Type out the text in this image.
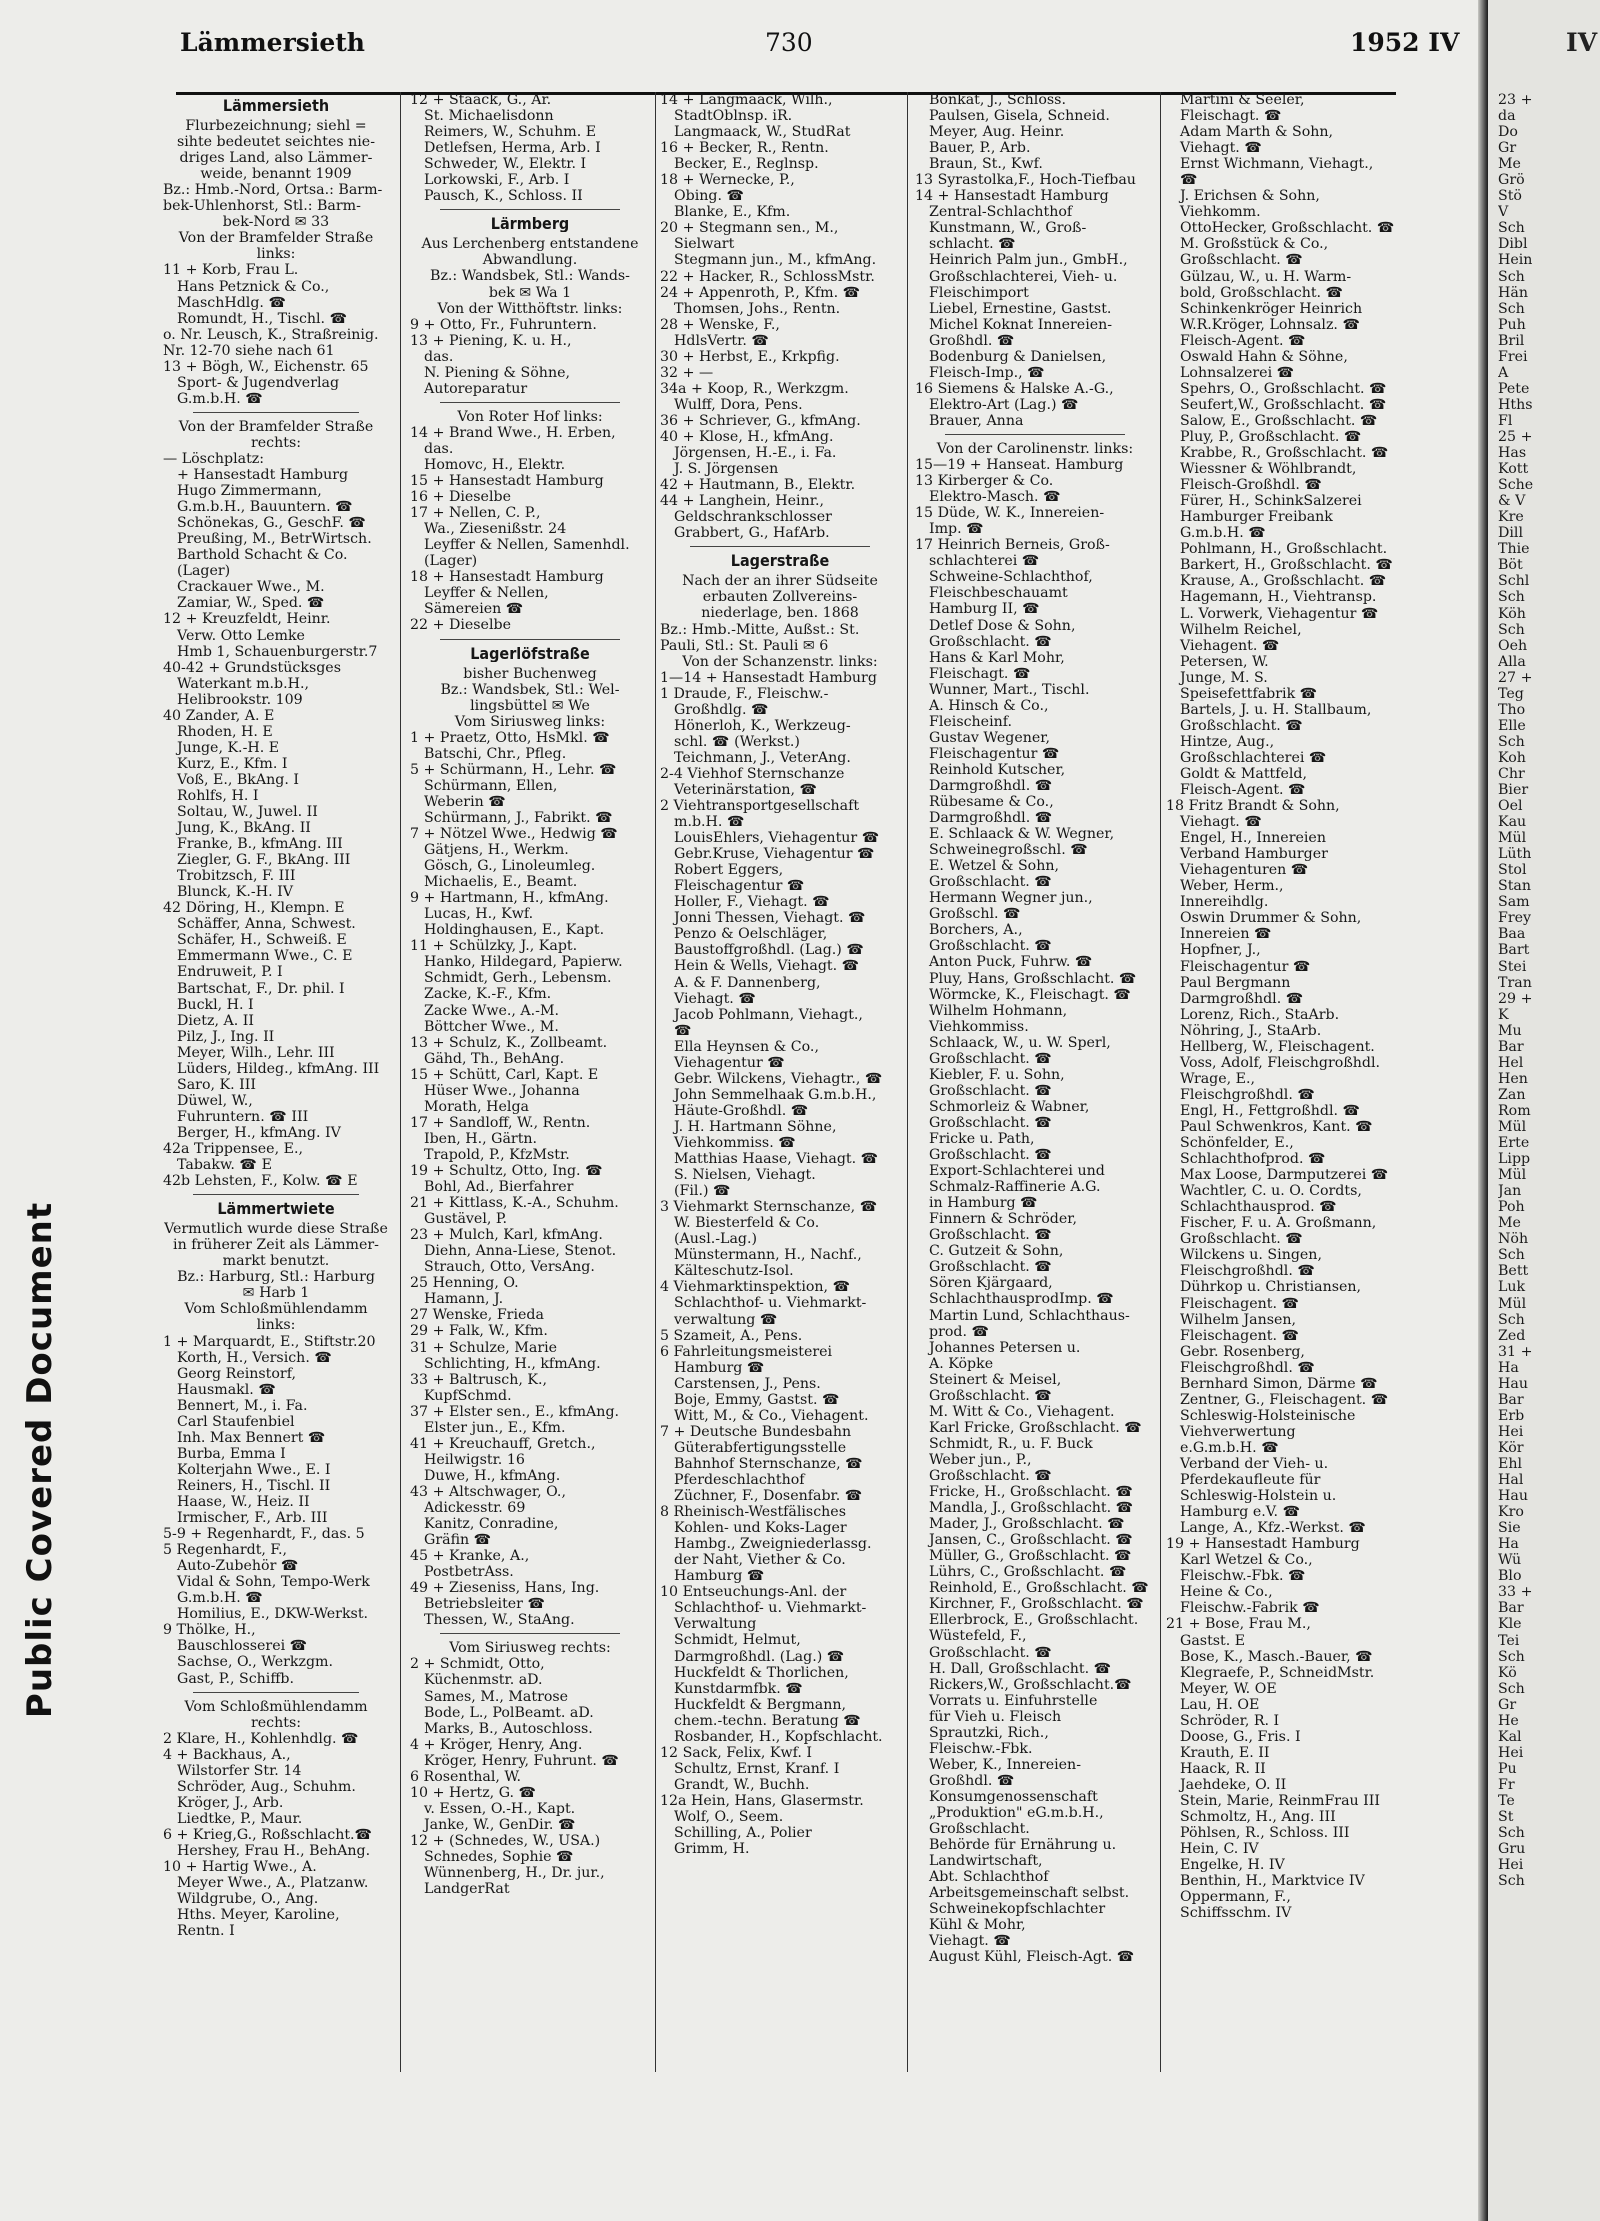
Lämmersieth	730	1952 IV
Lämmersieth
Flurbezeichnung; siehl =
sihte bedeutet seichtes nie-
driges Land, also Lämmer-
weide, benannt 1909
Bz.: Hmb.-Nord, Ortsa.: Barm-
bek-Uhlenhorst, Stl.: Barm-
bek-Nord ✉ 33
Von der Bramfelder Straße
links:
11 + Korb, Frau L.
Hans Petznick & Co.,
MaschHdlg. ☎
Romundt, H., Tischl. ☎
o. Nr. Leusch, K., Straßreinig.
Nr. 12-70 siehe nach 61
13 + Bögh, W., Eichenstr. 65
Sport- & Jugendverlag
G.m.b.H. ☎
Von der Bramfelder Straße
rechts:
— Löschplatz:
+ Hansestadt Hamburg
Hugo Zimmermann,
G.m.b.H., Bauuntern. ☎
Schönekas, G., GeschF. ☎
Preußing, M., BetrWirtsch.
Barthold Schacht & Co.
(Lager)
Crackauer Wwe., M.
Zamiar, W., Sped. ☎
12 + Kreuzfeldt, Heinr.
Verw. Otto Lemke
Hmb 1, Schauenburgerstr.7
40-42 + Grundstücksges
Waterkant m.b.H.,
Helibrookstr. 109
40 Zander, A. E
Rhoden, H. E
Junge, K.-H. E
Kurz, E., Kfm. I
Voß, E., BkAng. I
Rohlfs, H. I
Soltau, W., Juwel. II
Jung, K., BkAng. II
Franke, B., kfmAng. III
Ziegler, G. F., BkAng. III
Trobitzsch, F. III
Blunck, K.-H. IV
42 Döring, H., Klempn. E
Schäffer, Anna, Schwest.
Schäfer, H., Schweiß. E
Emmermann Wwe., C. E
Endruweit, P. I
Bartschat, F., Dr. phil. I
Buckl, H. I
Dietz, A. II
Pilz, J., Ing. II
Meyer, Wilh., Lehr. III
Lüders, Hildeg., kfmAng. III
Saro, K. III
Düwel, W.,
Fuhruntern. ☎ III
Berger, H., kfmAng. IV
42a Trippensee, E.,
Tabakw. ☎ E
42b Lehsten, F., Kolw. ☎ E
Lämmertwiete
Vermutlich wurde diese Straße
in früherer Zeit als Lämmer-
markt benutzt.
Bz.: Harburg, Stl.: Harburg
✉ Harb 1
Vom Schloßmühlendamm
links:
1 + Marquardt, E., Stiftstr.20
Korth, H., Versich. ☎
Georg Reinstorf,
Hausmakl. ☎
Bennert, M., i. Fa.
Carl Staufenbiel
Inh. Max Bennert ☎
Burba, Emma I
Kolterjahn Wwe., E. I
Reiners, H., Tischl. II
Haase, W., Heiz. II
Irmischer, F., Arb. III
5-9 + Regenhardt, F., das. 5
5 Regenhardt, F.,
Auto-Zubehör ☎
Vidal & Sohn, Tempo-Werk
G.m.b.H. ☎
Homilius, E., DKW-Werkst.
9 Thölke, H.,
Bauschlosserei ☎
Sachse, O., Werkzgm.
Gast, P., Schiffb.
Vom Schloßmühlendamm
rechts:
2 Klare, H., Kohlenhdlg. ☎
4 + Backhaus, A.,
Wilstorfer Str. 14
Schröder, Aug., Schuhm.
Kröger, J., Arb.
Liedtke, P., Maur.
6 + Krieg,G., Roßschlacht.☎
Hershey, Frau H., BehAng.
10 + Hartig Wwe., A.
Meyer Wwe., A., Platzanw.
Wildgrube, O., Ang.
Hths. Meyer, Karoline,
Rentn. I
12 + Staack, G., Ar.
St. Michaelisdonn
Reimers, W., Schuhm. E
Detlefsen, Herma, Arb. I
Schweder, W., Elektr. I
Lorkowski, F., Arb. I
Pausch, K., Schloss. II
Lärmberg
Aus Lerchenberg entstandene
Abwandlung.
Bz.: Wandsbek, Stl.: Wands-
bek ✉ Wa 1
Von der Witthöftstr. links:
9 + Otto, Fr., Fuhruntern.
13 + Piening, K. u. H.,
das.
N. Piening & Söhne,
Autoreparatur
Von Roter Hof links:
14 + Brand Wwe., H. Erben,
das.
Homovc, H., Elektr.
15 + Hansestadt Hamburg
16 + Dieselbe
17 + Nellen, C. P.,
Wa., Ziesenißstr. 24
Leyffer & Nellen, Samenhdl.
(Lager)
18 + Hansestadt Hamburg
Leyffer & Nellen,
Sämereien ☎
22 + Dieselbe
Lagerlöfstraße
bisher Buchenweg
Bz.: Wandsbek, Stl.: Wel-
lingsbüttel ✉ We
Vom Siriusweg links:
1 + Praetz, Otto, HsMkl. ☎
Batschi, Chr., Pfleg.
5 + Schürmann, H., Lehr. ☎
Schürmann, Ellen,
Weberin ☎
Schürmann, J., Fabrikt. ☎
7 + Nötzel Wwe., Hedwig ☎
Gätjens, H., Werkm.
Gösch, G., Linoleumleg.
Michaelis, E., Beamt.
9 + Hartmann, H., kfmAng.
Lucas, H., Kwf.
Holdinghausen, E., Kapt.
11 + Schülzky, J., Kapt.
Hanko, Hildegard, Papierw.
Schmidt, Gerh., Lebensm.
Zacke, K.-F., Kfm.
Zacke Wwe., A.-M.
Böttcher Wwe., M.
13 + Schulz, K., Zollbeamt.
Gähd, Th., BehAng.
15 + Schütt, Carl, Kapt. E
Hüser Wwe., Johanna
Morath, Helga
17 + Sandloff, W., Rentn.
Iben, H., Gärtn.
Trapold, P., KfzMstr.
19 + Schultz, Otto, Ing. ☎
Bohl, Ad., Bierfahrer
21 + Kittlass, K.-A., Schuhm.
Gustävel, P.
23 + Mulch, Karl, kfmAng.
Diehn, Anna-Liese, Stenot.
Strauch, Otto, VersAng.
25 Henning, O.
Hamann, J.
27 Wenske, Frieda
29 + Falk, W., Kfm.
31 + Schulze, Marie
Schlichting, H., kfmAng.
33 + Baltrusch, K.,
KupfSchmd.
37 + Elster sen., E., kfmAng.
Elster jun., E., Kfm.
41 + Kreuchauff, Gretch.,
Heilwigstr. 16
Duwe, H., kfmAng.
43 + Altschwager, O.,
Adickesstr. 69
Kanitz, Conradine,
Gräfin ☎
45 + Kranke, A.,
PostbetrAss.
49 + Zieseniss, Hans, Ing.
Betriebsleiter ☎
Thessen, W., StaAng.
Vom Siriusweg rechts:
2 + Schmidt, Otto,
Küchenmstr. aD.
Sames, M., Matrose
Bode, L., PolBeamt. aD.
Marks, B., Autoschloss.
4 + Kröger, Henry, Ang.
Kröger, Henry, Fuhrunt. ☎
6 Rosenthal, W.
10 + Hertz, G. ☎
v. Essen, O.-H., Kapt.
Janke, W., GenDir. ☎
12 + (Schnedes, W., USA.)
Schnedes, Sophie ☎
Wünnenberg, H., Dr. jur.,
LandgerRat
14 + Langmaack, Wilh.,
StadtOblnsp. iR.
Langmaack, W., StudRat
16 + Becker, R., Rentn.
Becker, E., Reglnsp.
18 + Wernecke, P.,
Obing. ☎
Blanke, E., Kfm.
20 + Stegmann sen., M.,
Sielwart
Stegmann jun., M., kfmAng.
22 + Hacker, R., SchlossMstr.
24 + Appenroth, P., Kfm. ☎
Thomsen, Johs., Rentn.
28 + Wenske, F.,
HdlsVertr. ☎
30 + Herbst, E., Krkpfig.
32 + —
34a + Koop, R., Werkzgm.
Wulff, Dora, Pens.
36 + Schriever, G., kfmAng.
40 + Klose, H., kfmAng.
Jörgensen, H.-E., i. Fa.
J. S. Jörgensen
42 + Hautmann, B., Elektr.
44 + Langhein, Heinr.,
Geldschrankschlosser
Grabbert, G., HafArb.
Lagerstraße
Nach der an ihrer Südseite
erbauten Zollvereins-
niederlage, ben. 1868
Bz.: Hmb.-Mitte, Außst.: St.
Pauli, Stl.: St. Pauli ✉ 6
Von der Schanzenstr. links:
1—14 + Hansestadt Hamburg
1 Draude, F., Fleischw.-
Großhdlg. ☎
Hönerloh, K., Werkzeug-
schl. ☎ (Werkst.)
Teichmann, J., VeterAng.
2-4 Viehhof Sternschanze
Veterinärstation, ☎
2 Viehtransportgesellschaft
m.b.H. ☎
LouisEhlers, Viehagentur ☎
Gebr.Kruse, Viehagentur ☎
Robert Eggers,
Fleischagentur ☎
Holler, F., Viehagt. ☎
Jonni Thessen, Viehagt. ☎
Penzo & Oelschläger,
Baustoffgroßhdl. (Lag.) ☎
Hein & Wells, Viehagt. ☎
A. & F. Dannenberg,
Viehagt. ☎
Jacob Pohlmann, Viehagt.,
☎
Ella Heynsen & Co.,
Viehagentur ☎
Gebr. Wilckens, Viehagtr., ☎
John Semmelhaak G.m.b.H.,
Häute-Großhdl. ☎
J. H. Hartmann Söhne,
Viehkommiss. ☎
Matthias Haase, Viehagt. ☎
S. Nielsen, Viehagt.
(Fil.) ☎
3 Viehmarkt Sternschanze, ☎
W. Biesterfeld & Co.
(Ausl.-Lag.)
Münstermann, H., Nachf.,
Kälteschutz-Isol.
4 Viehmarktinspektion, ☎
Schlachthof- u. Viehmarkt-
verwaltung ☎
5 Szameit, A., Pens.
6 Fahrleitungsmeisterei
Hamburg ☎
Carstensen, J., Pens.
Boje, Emmy, Gastst. ☎
Witt, M., & Co., Viehagent.
7 + Deutsche Bundesbahn
Güterabfertigungsstelle
Bahnhof Sternschanze, ☎
Pferdeschlachthof
Züchner, F., Dosenfabr. ☎
8 Rheinisch-Westfälisches
Kohlen- und Koks-Lager
Hambg., Zweigniederlassg.
der Naht, Viether & Co.
Hamburg ☎
10 Entseuchungs-Anl. der
Schlachthof- u. Viehmarkt-
Verwaltung
Schmidt, Helmut,
Darmgroßhdl. (Lag.) ☎
Huckfeldt & Thorlichen,
Kunstdarmfbk. ☎
Huckfeldt & Bergmann,
chem.-techn. Beratung ☎
Rosbander, H., Kopfschlacht.
12 Sack, Felix, Kwf. I
Schultz, Ernst, Kranf. I
Grandt, W., Buchh.
12a Hein, Hans, Glasermstr.
Wolf, O., Seem.
Schilling, A., Polier
Grimm, H.
Bonkat, J., Schloss.
Paulsen, Gisela, Schneid.
Meyer, Aug. Heinr.
Bauer, P., Arb.
Braun, St., Kwf.
13 Syrastolka,F., Hoch-Tiefbau
14 + Hansestadt Hamburg
Zentral-Schlachthof
Kunstmann, W., Groß-
schlacht. ☎
Heinrich Palm jun., GmbH.,
Großschlachterei, Vieh- u.
Fleischimport
Liebel, Ernestine, Gastst.
Michel Koknat Innereien-
Großhdl. ☎
Bodenburg & Danielsen,
Fleisch-Imp., ☎
16 Siemens & Halske A.-G.,
Elektro-Art (Lag.) ☎
Brauer, Anna
Von der Carolinenstr. links:
15—19 + Hanseat. Hamburg
13 Kirberger & Co.
Elektro-Masch. ☎
15 Düde, W. K., Innereien-
Imp. ☎
17 Heinrich Berneis, Groß-
schlachterei ☎
Schweine-Schlachthof,
Fleischbeschauamt
Hamburg II, ☎
Detlef Dose & Sohn,
Großschlacht. ☎
Hans & Karl Mohr,
Fleischagt. ☎
Wunner, Mart., Tischl.
A. Hinsch & Co.,
Fleischeinf.
Gustav Wegener,
Fleischagentur ☎
Reinhold Kutscher,
Darmgroßhdl. ☎
Rübesame & Co.,
Darmgroßhdl. ☎
E. Schlaack & W. Wegner,
Schweinegroßschl. ☎
E. Wetzel & Sohn,
Großschlacht. ☎
Hermann Wegner jun.,
Großschl. ☎
Borchers, A.,
Großschlacht. ☎
Anton Puck, Fuhrw. ☎
Pluy, Hans, Großschlacht. ☎
Wörmcke, K., Fleischagt. ☎
Wilhelm Hohmann,
Viehkommiss.
Schlaack, W., u. W. Sperl,
Großschlacht. ☎
Kiebler, F. u. Sohn,
Großschlacht. ☎
Schmorleiz & Wabner,
Großschlacht. ☎
Fricke u. Path,
Großschlacht. ☎
Export-Schlachterei und
Schmalz-Raffinerie A.G.
in Hamburg ☎
Finnern & Schröder,
Großschlacht. ☎
C. Gutzeit & Sohn,
Großschlacht. ☎
Sören Kjärgaard,
SchlachthausprodImp. ☎
Martin Lund, Schlachthaus-
prod. ☎
Johannes Petersen u.
A. Köpke
Steinert & Meisel,
Großschlacht. ☎
M. Witt & Co., Viehagent.
Karl Fricke, Großschlacht. ☎
Schmidt, R., u. F. Buck
Weber jun., P.,
Großschlacht. ☎
Fricke, H., Großschlacht. ☎
Mandla, J., Großschlacht. ☎
Mader, J., Großschlacht. ☎
Jansen, C., Großschlacht. ☎
Müller, G., Großschlacht. ☎
Lührs, C., Großschlacht. ☎
Reinhold, E., Großschlacht. ☎
Kirchner, F., Großschlacht. ☎
Ellerbrock, E., Großschlacht.
Wüstefeld, F.,
Großschlacht. ☎
H. Dall, Großschlacht. ☎
Rickers,W., Großschlacht.☎
Vorrats u. Einfuhrstelle
für Vieh u. Fleisch
Sprautzki, Rich.,
Fleischw.-Fbk.
Weber, K., Innereien-
Großhdl. ☎
Konsumgenossenschaft
„Produktion" eG.m.b.H.,
Großschlacht.
Behörde für Ernährung u.
Landwirtschaft,
Abt. Schlachthof
Arbeitsgemeinschaft selbst.
Schweinekopfschlachter
Kühl & Mohr,
Viehagt. ☎
August Kühl, Fleisch-Agt. ☎
Martini & Seeler,
Fleischagt. ☎
Adam Marth & Sohn,
Viehagt. ☎
Ernst Wichmann, Viehagt.,
☎
J. Erichsen & Sohn,
Viehkomm.
OttoHecker, Großschlacht. ☎
M. Großstück & Co.,
Großschlacht. ☎
Gülzau, W., u. H. Warm-
bold, Großschlacht. ☎
Schinkenkröger Heinrich
W.R.Kröger, Lohnsalz. ☎
Fleisch-Agent. ☎
Oswald Hahn & Söhne,
Lohnsalzerei ☎
Spehrs, O., Großschlacht. ☎
Seufert,W., Großschlacht. ☎
Salow, E., Großschlacht. ☎
Pluy, P., Großschlacht. ☎
Krabbe, R., Großschlacht. ☎
Wiessner & Wöhlbrandt,
Fleisch-Großhdl. ☎
Fürer, H., SchinkSalzerei
Hamburger Freibank
G.m.b.H. ☎
Pohlmann, H., Großschlacht.
Barkert, H., Großschlacht. ☎
Krause, A., Großschlacht. ☎
Hagemann, H., Viehtransp.
L. Vorwerk, Viehagentur ☎
Wilhelm Reichel,
Viehagent. ☎
Petersen, W.
Junge, M. S.
Speisefettfabrik ☎
Bartels, J. u. H. Stallbaum,
Großschlacht. ☎
Hintze, Aug.,
Großschlachterei ☎
Goldt & Mattfeld,
Fleisch-Agent. ☎
18 Fritz Brandt & Sohn,
Viehagt. ☎
Engel, H., Innereien
Verband Hamburger
Viehagenturen ☎
Weber, Herm.,
Innereihdlg.
Oswin Drummer & Sohn,
Innereien ☎
Hopfner, J.,
Fleischagentur ☎
Paul Bergmann
Darmgroßhdl. ☎
Lorenz, Rich., StaArb.
Nöhring, J., StaArb.
Hellberg, W., Fleischagent.
Voss, Adolf, Fleischgroßhdl.
Wrage, E.,
Fleischgroßhdl. ☎
Engl, H., Fettgroßhdl. ☎
Paul Schwenkros, Kant. ☎
Schönfelder, E.,
Schlachthofprod. ☎
Max Loose, Darmputzerei ☎
Wachtler, C. u. O. Cordts,
Schlachthausprod. ☎
Fischer, F. u. A. Großmann,
Großschlacht. ☎
Wilckens u. Singen,
Fleischgroßhdl. ☎
Dührkop u. Christiansen,
Fleischagent. ☎
Wilhelm Jansen,
Fleischagent. ☎
Gebr. Rosenberg,
Fleischgroßhdl. ☎
Bernhard Simon, Därme ☎
Zentner, G., Fleischagent. ☎
Schleswig-Holsteinische
Viehverwertung
e.G.m.b.H. ☎
Verband der Vieh- u.
Pferdekaufleute für
Schleswig-Holstein u.
Hamburg e.V. ☎
Lange, A., Kfz.-Werkst. ☎
19 + Hansestadt Hamburg
Karl Wetzel & Co.,
Fleischw.-Fbk. ☎
Heine & Co.,
Fleischw.-Fabrik ☎
21 + Bose, Frau M.,
Gastst. E
Bose, K., Masch.-Bauer, ☎
Klegraefe, P., SchneidMstr.
Meyer, W. OE
Lau, H. OE
Schröder, R. I
Doose, G., Fris. I
Krauth, E. II
Haack, R. II
Jaehdeke, O. II
Stein, Marie, ReinmFrau III
Schmoltz, H., Ang. III
Pöhlsen, R., Schloss. III
Hein, C. IV
Engelke, H. IV
Benthin, H., Marktvice IV
Oppermann, F.,
Schiffsschm. IV
Public Covered Document
IV
23 +
da
Do
Gr
Me
Grö
Stö
V
Sch
Dibl
Hein
Sch
Hän
Sch
Puh
Bril
Frei
A
Pete
Hths
Fl
25 +
Has
Kott
Sche
& V
Kre
Dill
Thie
Böt
Schl
Sch
Köh
Sch
Oeh
Alla
27 +
Teg
Tho
Elle
Sch
Koh
Chr
Bier
Oel
Kau
Mül
Lüth
Stol
Stan
Sam
Frey
Baa
Bart
Stei
Tran
29 +
K
Mu
Bar
Hel
Hen
Zan
Rom
Mül
Erte
Lipp
Mül
Jan
Poh
Me
Nöh
Sch
Bett
Luk
Mül
Sch
Zed
31 +
Ha
Hau
Bar
Erb
Hei
Kör
Ehl
Hal
Hau
Kro
Sie
Ha
Wü
Blo
33 +
Bar
Kle
Tei
Sch
Kö
Sch
Gr
He
Kal
Hei
Pu
Fr
Te
St
Sch
Gru
Hei
Sch
